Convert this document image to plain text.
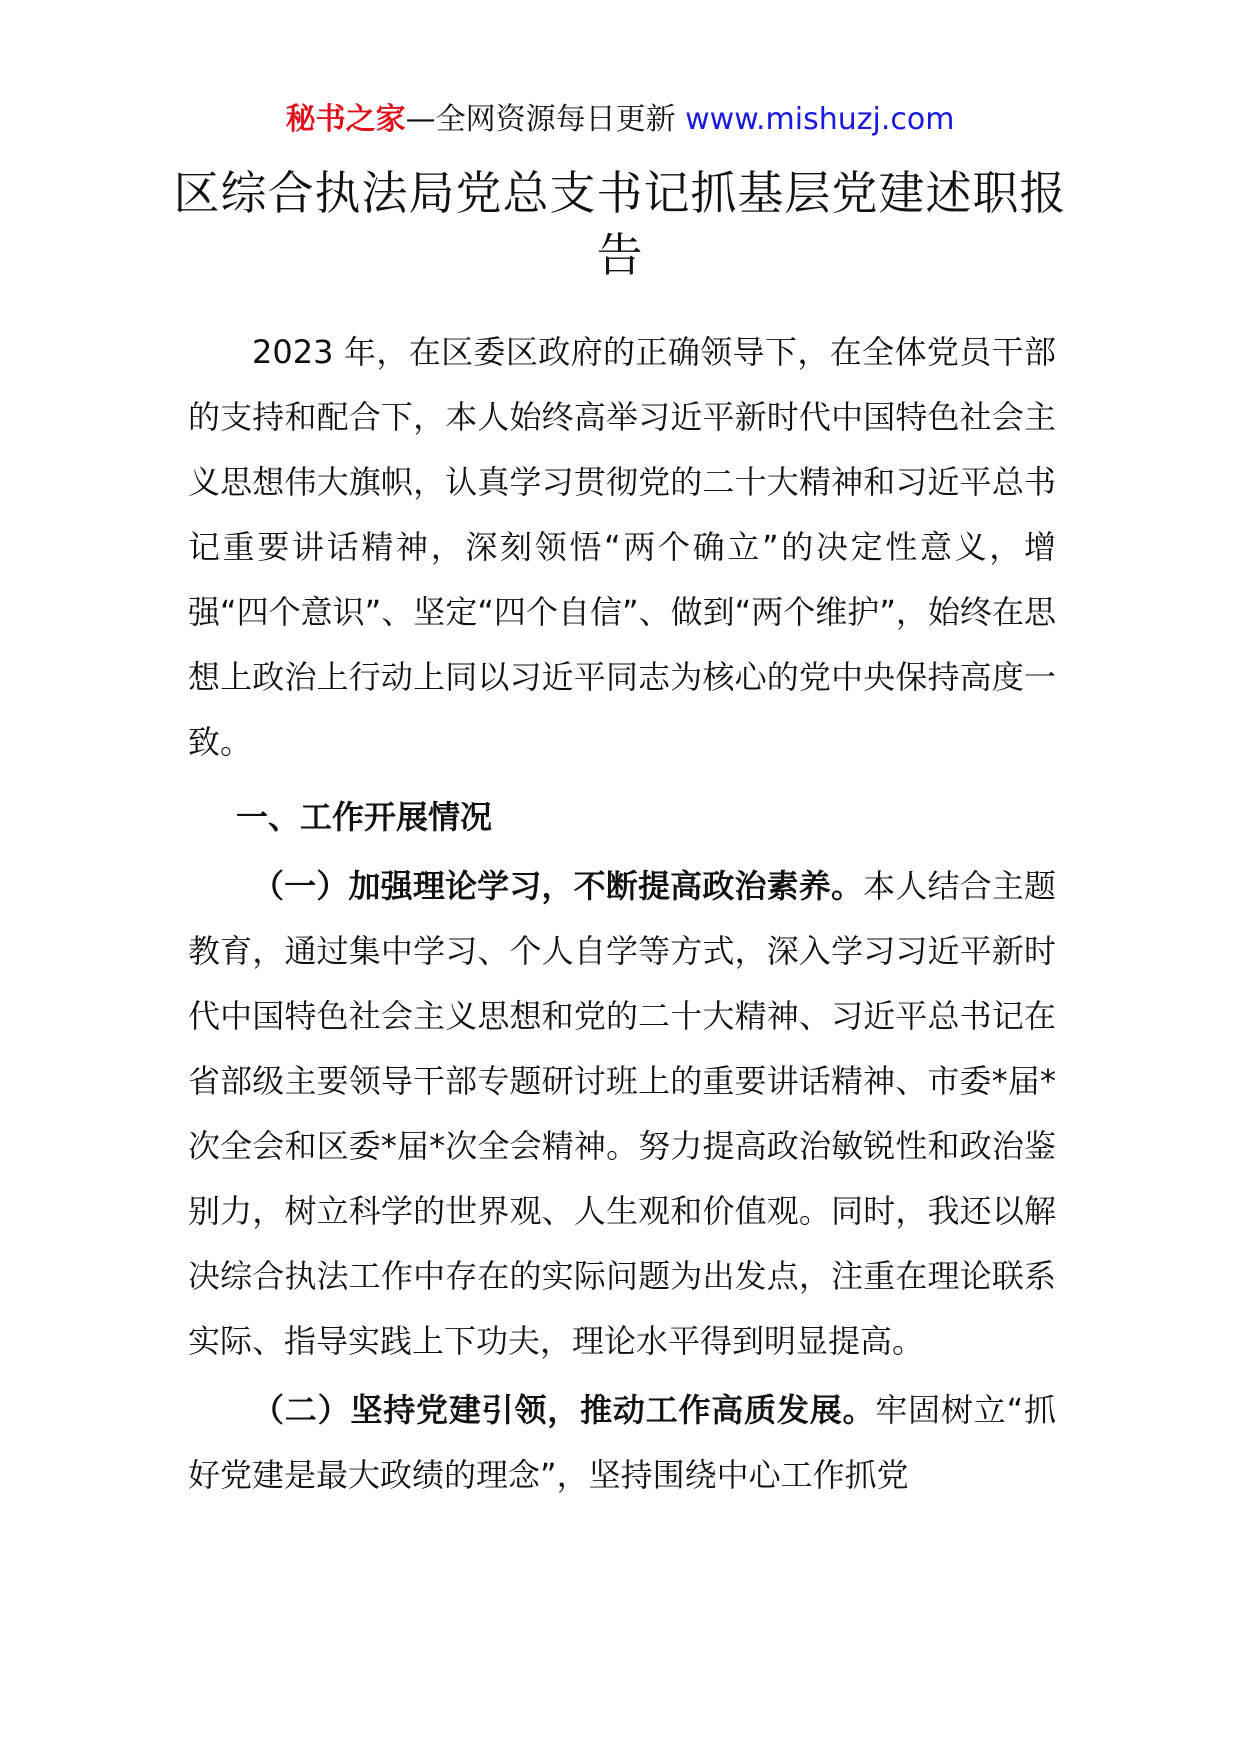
秘书之家—全网资源每日更新 www.mishuzj.com
区综合执法局党总支书记抓基层党建述职报告

2023 年，在区委区政府的正确领导下，在全体党员干部的支持和配合下，本人始终高举习近平新时代中国特色社会主义思想伟大旗帜，认真学习贯彻党的二十大精神和习近平总书记重要讲话精神，深刻领悟“两个确立”的决定性意义，增强“四个意识”、坚定“四个自信”、做到“两个维护”，始终在思想上政治上行动上同以习近平同志为核心的党中央保持高度一致。

一、工作开展情况

（一）加强理论学习，不断提高政治素养。本人结合主题教育，通过集中学习、个人自学等方式，深入学习习近平新时代中国特色社会主义思想和党的二十大精神、习近平总书记在省部级主要领导干部专题研讨班上的重要讲话精神、市委*届*次全会和区委*届*次全会精神。努力提高政治敏锐性和政治鉴别力，树立科学的世界观、人生观和价值观。同时，我还以解决综合执法工作中存在的实际问题为出发点，注重在理论联系实际、指导实践上下功夫，理论水平得到明显提高。

（二）坚持党建引领，推动工作高质发展。牢固树立“抓好党建是最大政绩的理念”，坚持围绕中心工作抓党
